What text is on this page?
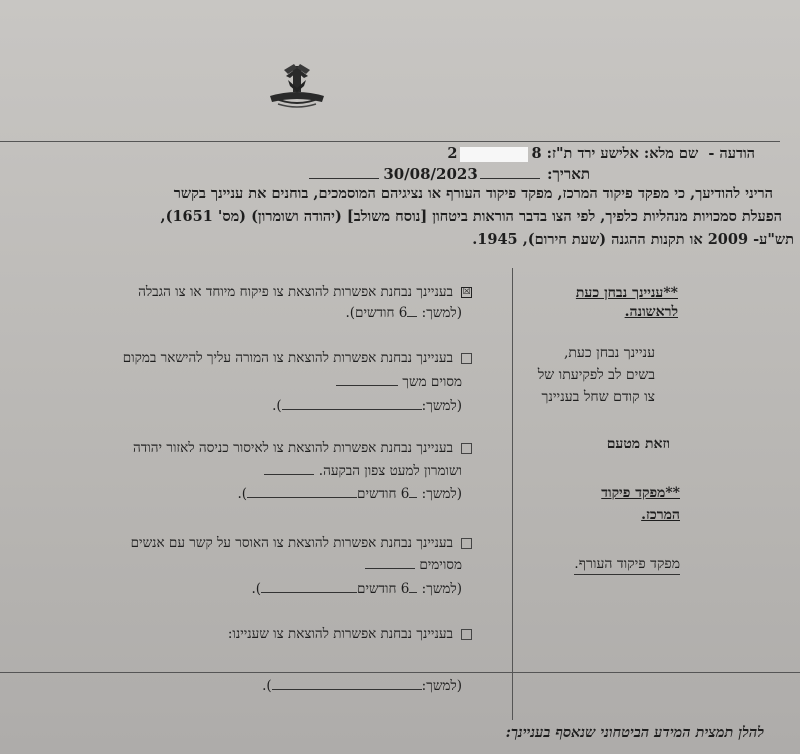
הודעה -  שם מלא: אלישע ירד ת"ז: 82
תאריך: 30/08/2023
הריני להודיעך, כי מפקד פיקוד המרכז, מפקד פיקוד העורף או נציגיהם המוסמכים, בוחנים את עניינך בקשר
הפעלת סמכויות מנהליות כלפיך, לפי הצו בדבר הוראות ביטחון [נוסח משולב] (יהודה ושומרון) (מס' 1651),
תש"ע- 2009 או תקנות ההגנה (שעת חירום), 1945.
**עניינך נבחן כעת
לראשונה.
עניינך נבחן כעת,
בשים לב לפקיעתו של
צו קודם שחל בעניינך
וזאת מטעם
**מפקד פיקוד
המרכז.
מפקד פיקוד העורף.
☒בעניינך נבחנת אפשרות להוצאת צו פיקוח מיוחד או צו הגבלה
(למשך: 6 חודשים).
בעניינך נבחנת אפשרות להוצאת צו המורה עליך להישאר במקום
מסוים משך
(למשך:).
בעניינך נבחנת אפשרות להוצאת צו לאיסור כניסה לאזור יהודה
ושומרון למעט צפון הבקעה.
(למשך: 6 חודשים).
בעניינך נבחנת אפשרות להוצאת צו האוסר על קשר עם אנשים
מסוימים
(למשך: 6 חודשים).
בעניינך נבחנת אפשרות להוצאת צו שעניינו:
(למשך:).
להלן תמצית המידע הביטחוני שנאסף בעניינך:
